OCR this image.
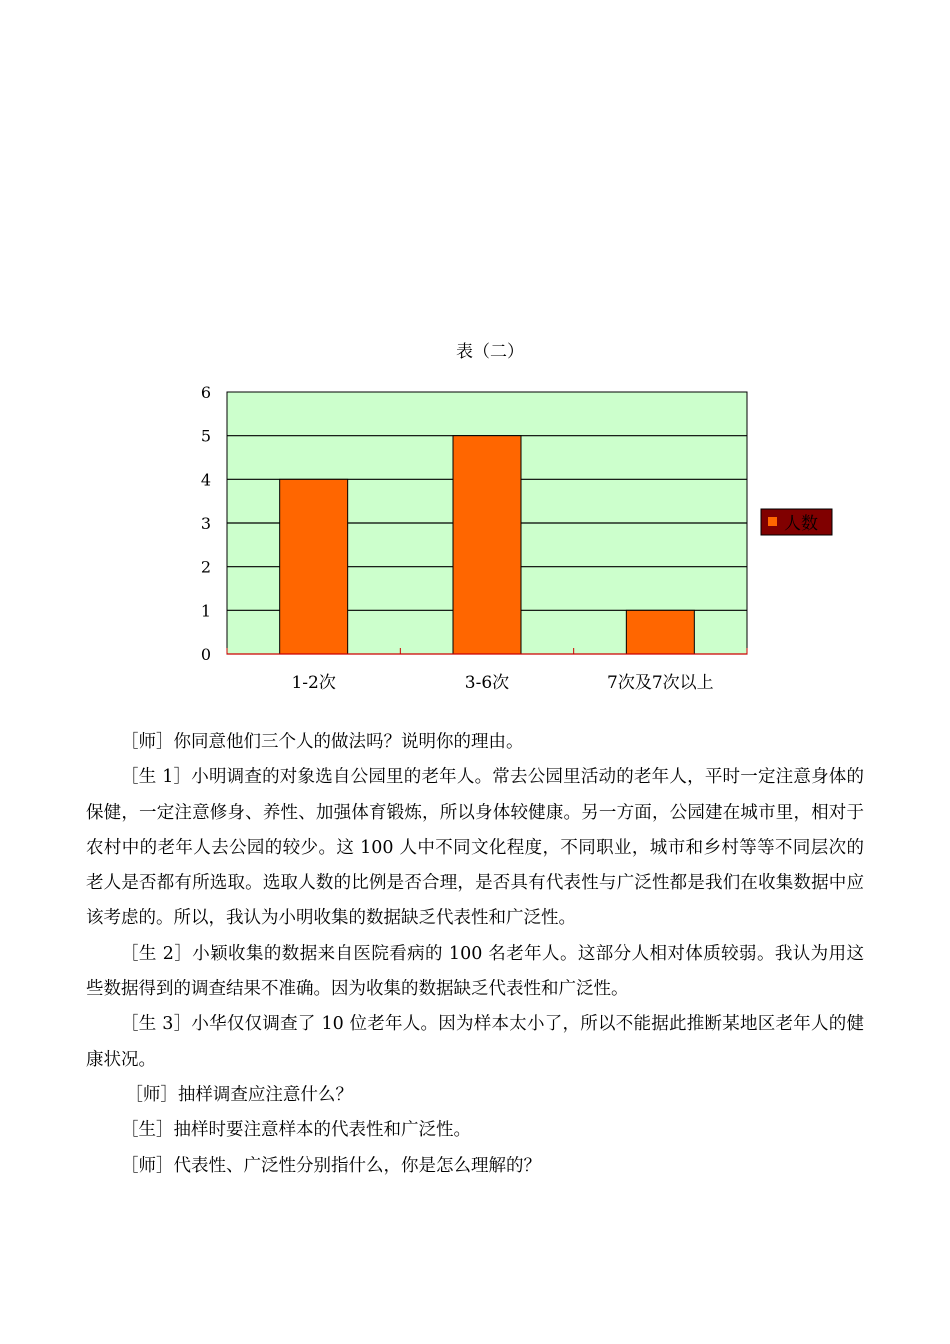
表（二）
0
1
2
3
4
5
6
1-2次	3-6次	7次及7次以上
人数

［师］你同意他们三个人的做法吗？说明你的理由。

［生 1］小明调查的对象选自公园里的老年人。常去公园里活动的老年人，平时一定注意身体的保健，一定注意修身、养性、加强体育锻炼，所以身体较健康。另一方面，公园建在城市里，相对于农村中的老年人去公园的较少。这 100 人中不同文化程度，不同职业，城市和乡村等等不同层次的老人是否都有所选取。选取人数的比例是否合理，是否具有代表性与广泛性都是我们在收集数据中应该考虑的。所以，我认为小明收集的数据缺乏代表性和广泛性。

［生 2］小颖收集的数据来自医院看病的 100 名老年人。这部分人相对体质较弱。我认为用这些数据得到的调查结果不准确。因为收集的数据缺乏代表性和广泛性。

［生 3］小华仅仅调查了 10 位老年人。因为样本太小了，所以不能据此推断某地区老年人的健康状况。

［师］抽样调查应注意什么？

［生］抽样时要注意样本的代表性和广泛性。

［师］代表性、广泛性分别指什么，你是怎么理解的？
